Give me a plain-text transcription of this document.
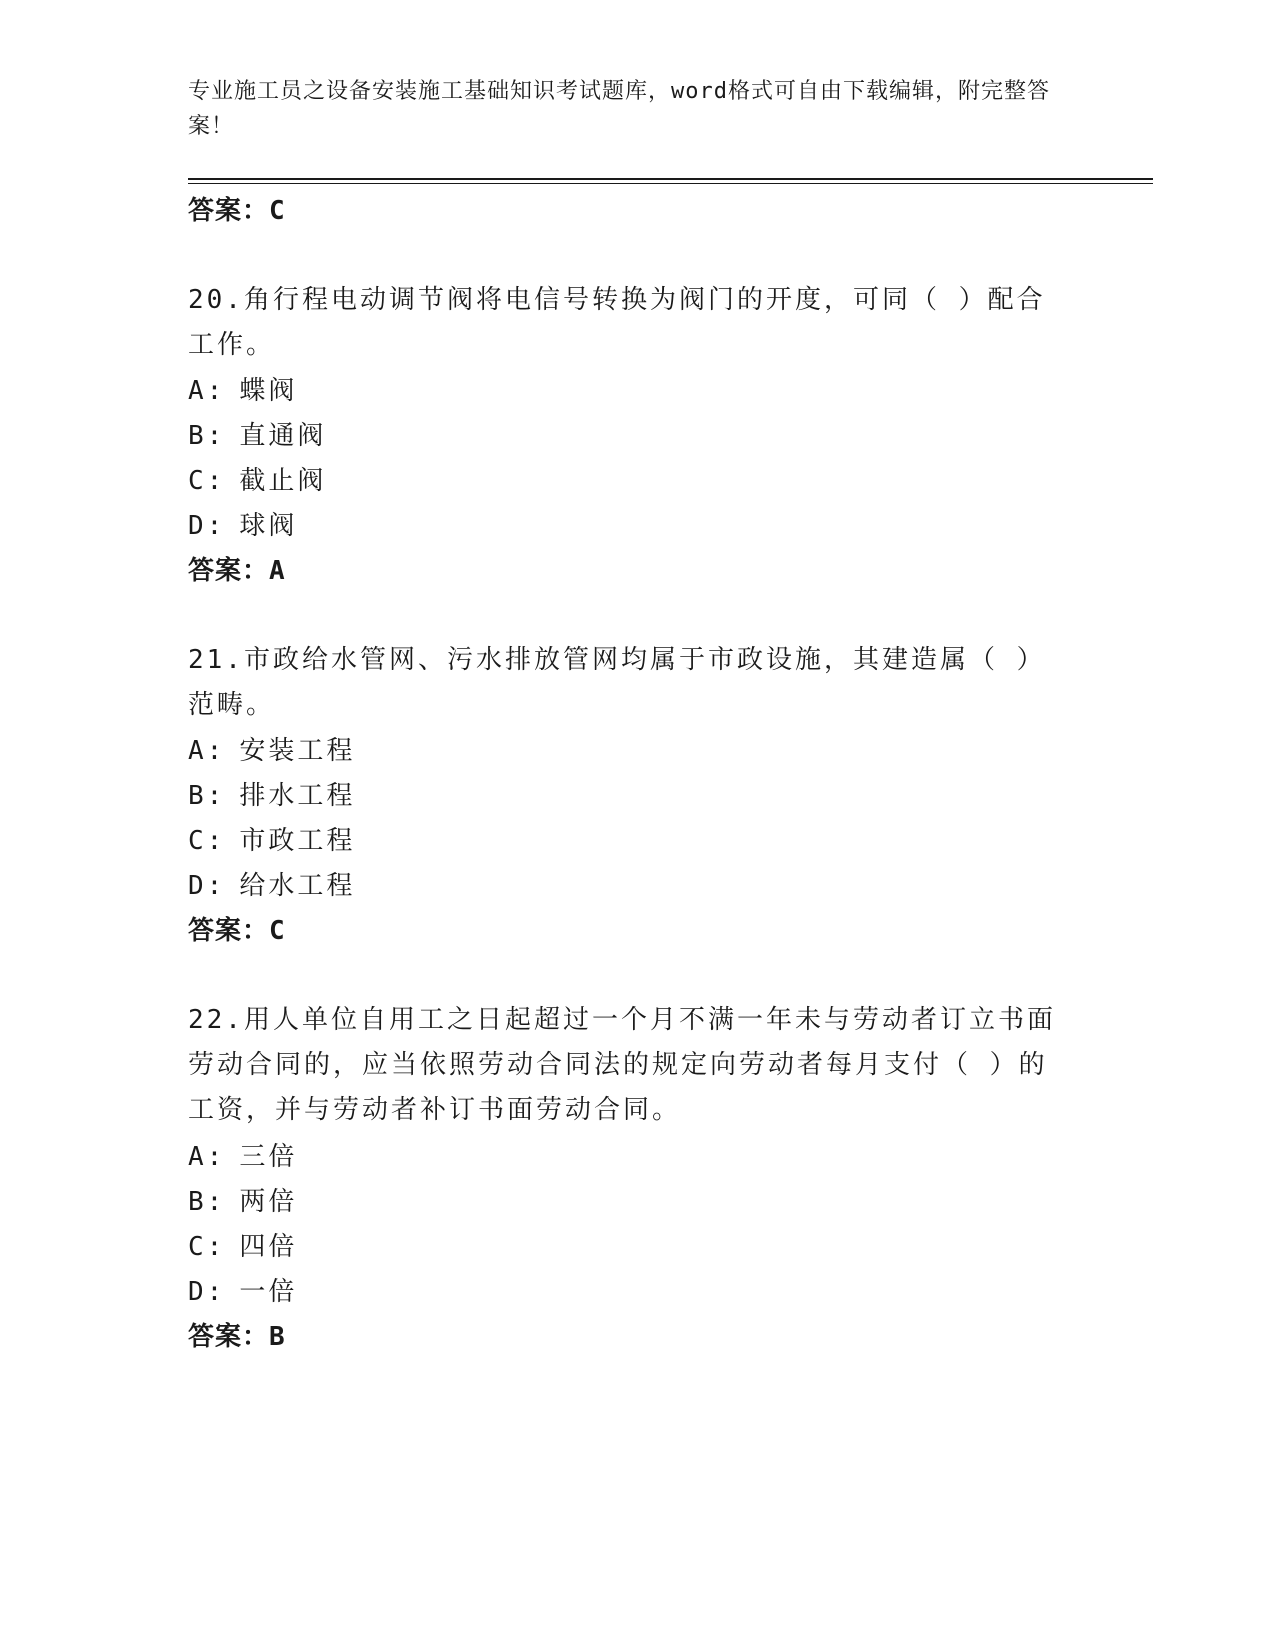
专业施工员之设备安装施工基础知识考试题库，word格式可自由下载编辑，附完整答案！
答案：C
20.角行程电动调节阀将电信号转换为阀门的开度，可同（ ）配合工作。
A: 蝶阀
B: 直通阀
C: 截止阀
D: 球阀
答案：A
21.市政给水管网、污水排放管网均属于市政设施，其建造属（ ）范畴。
A: 安装工程
B: 排水工程
C: 市政工程
D: 给水工程
答案：C
22.用人单位自用工之日起超过一个月不满一年未与劳动者订立书面劳动合同的，应当依照劳动合同法的规定向劳动者每月支付（ ）的工资，并与劳动者补订书面劳动合同。
A: 三倍
B: 两倍
C: 四倍
D: 一倍
答案：B
